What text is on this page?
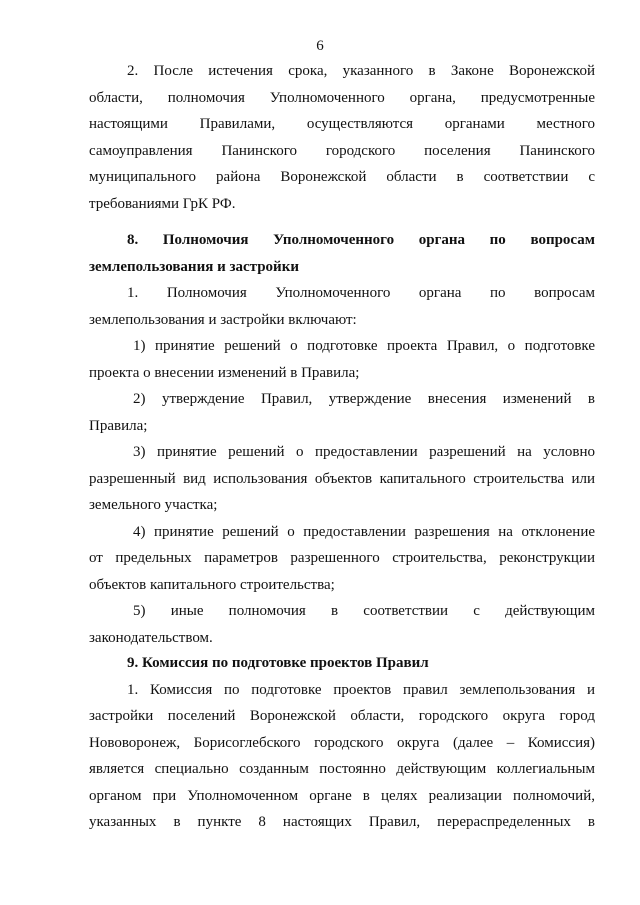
6
2. После истечения срока, указанного в Законе Воронежской
области, полномочия Уполномоченного органа, предусмотренные
настоящими Правилами, осуществляются органами местного
самоуправления Панинского городского поселения Панинского
муниципального района Воронежской области в соответствии с
требованиями ГрК РФ.
8. Полномочия Уполномоченного органа по вопросам
землепользования и застройки
1. Полномочия Уполномоченного органа по вопросам
землепользования и застройки включают:
1) принятие решений о подготовке проекта Правил, о подготовке
проекта о внесении изменений в Правила;
2) утверждение Правил, утверждение внесения изменений в
Правила;
3) принятие решений о предоставлении разрешений на условно
разрешенный вид использования объектов капитального строительства или
земельного участка;
4) принятие решений о предоставлении разрешения на отклонение
от предельных параметров разрешенного строительства, реконструкции
объектов капитального строительства;
5) иные полномочия в соответствии с действующим
законодательством.
9. Комиссия по подготовке проектов Правил
1. Комиссия по подготовке проектов правил землепользования и
застройки поселений Воронежской области, городского округа город
Нововоронеж, Борисоглебского городского округа (далее – Комиссия)
является специально созданным постоянно действующим коллегиальным
органом при Уполномоченном органе в целях реализации полномочий,
указанных в пункте 8 настоящих Правил, перераспределенных в
